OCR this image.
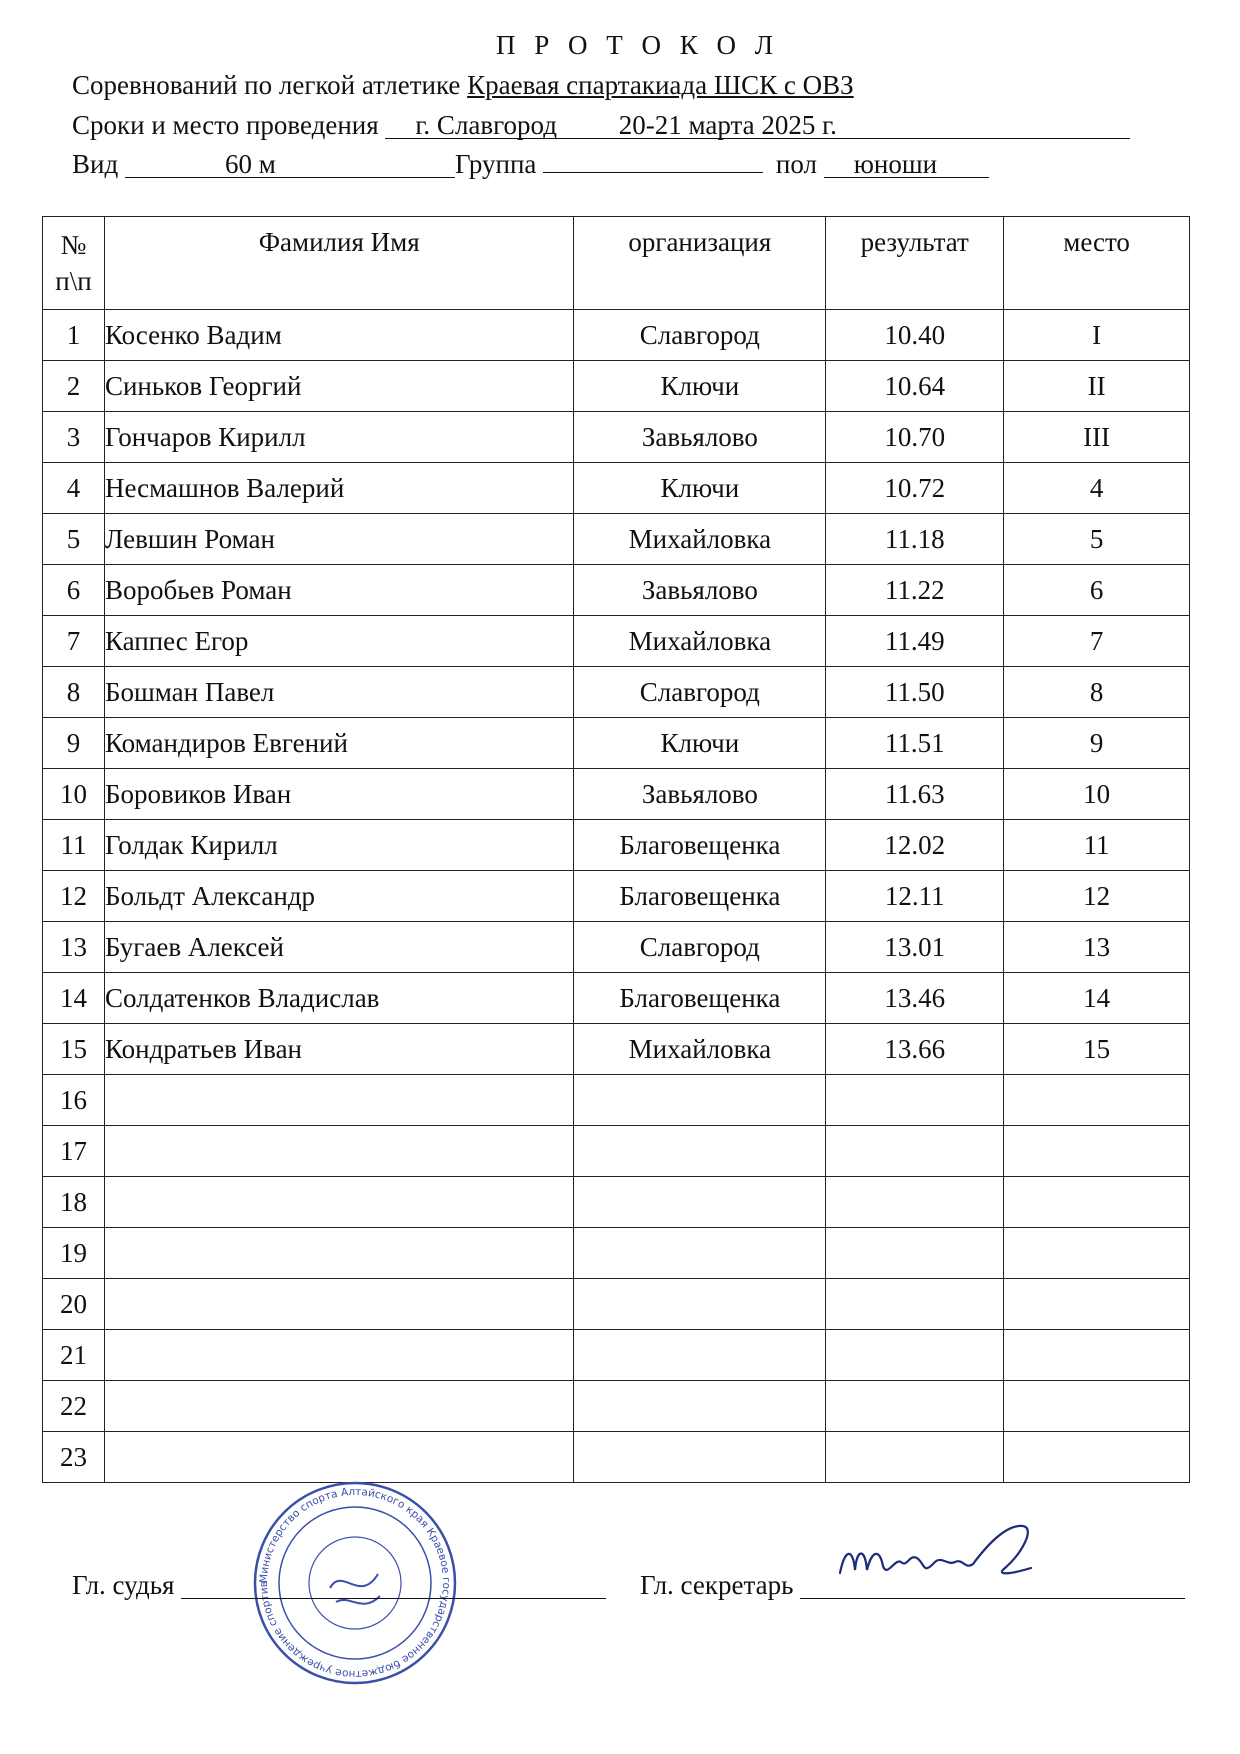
П Р О Т О К О Л
Соревнований по легкой атлетике Краевая спартакиада ШСК с ОВЗ
Сроки и место проведения г. Славгород 20-21 марта 2025 г.
Вид	60 м	Группа	пол юноши
№
п\п	Фамилия Имя	организация	результат	место
1	Косенко Вадим	Славгород	10.40	I
2	Синьков Георгий	Ключи	10.64	II
3	Гончаров Кирилл	Завьялово	10.70	III
4	Несмашнов Валерий	Ключи	10.72	4
5	Левшин Роман	Михайловка	11.18	5
6	Воробьев Роман	Завьялово	11.22	6
7	Каппес Егор	Михайловка	11.49	7
8	Бошман Павел	Славгород	11.50	8
9	Командиров Евгений	Ключи	11.51	9
10	Боровиков Иван	Завьялово	11.63	10
11	Голдак Кирилл	Благовещенка	12.02	11
12	Больдт Александр	Благовещенка	12.11	12
13	Бугаев Алексей	Славгород	13.01	13
14	Солдатенков Владислав	Благовещенка	13.46	14
15	Кондратьев Иван	Михайловка	13.66	15
16				
17				
18				
19				
20				
21				
22				
23				
Министерство спорта Алтайского края Краевое государственное бюджетное учреждение спортив
Гл. судья	Гл. секретарь
